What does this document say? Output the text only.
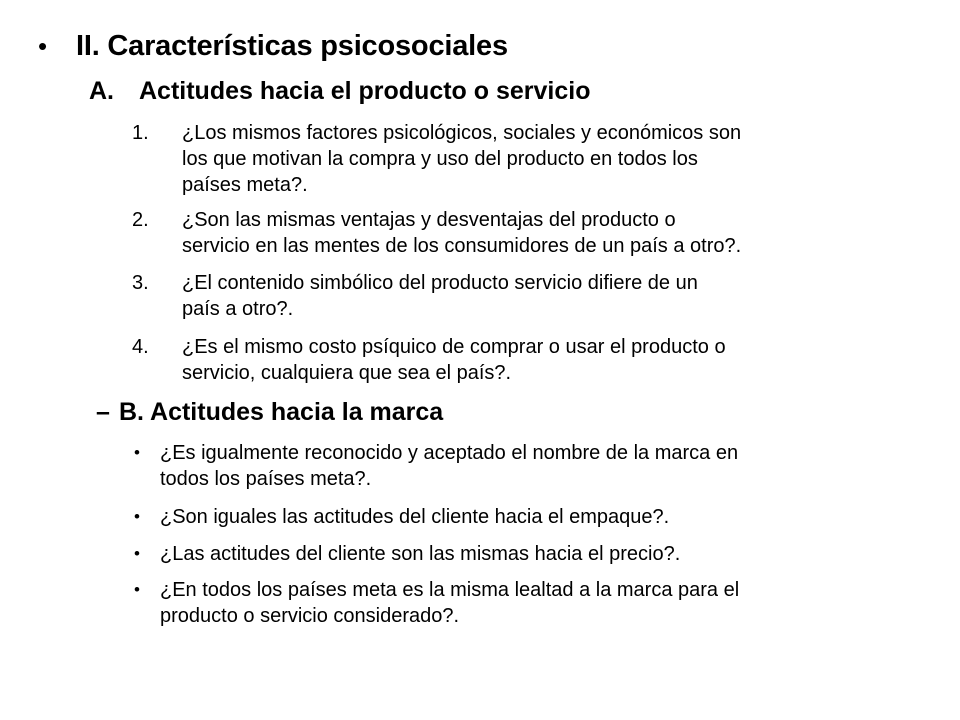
• II. Características psicosociales
A.	Actitudes hacia el producto o servicio
1.	¿Los mismos factores psicológicos, sociales y económicos son
los que motivan la compra y uso del producto en todos los
países meta?.
2.	¿Son las mismas ventajas y desventajas del producto o
servicio en las mentes de los consumidores de un país a otro?.
3.	¿El contenido simbólico del producto servicio difiere de un
país a otro?.
4.	¿Es el mismo costo psíquico de comprar o usar el producto o
servicio, cualquiera que sea el país?.
– B. Actitudes hacia la marca
•	¿Es igualmente reconocido y aceptado el nombre de la marca en
todos los países meta?.
•	¿Son iguales las actitudes del cliente hacia el empaque?.
•	¿Las actitudes del cliente son las mismas hacia el precio?.
•	¿En todos los países meta es la misma lealtad a la marca para el
producto o servicio considerado?.
